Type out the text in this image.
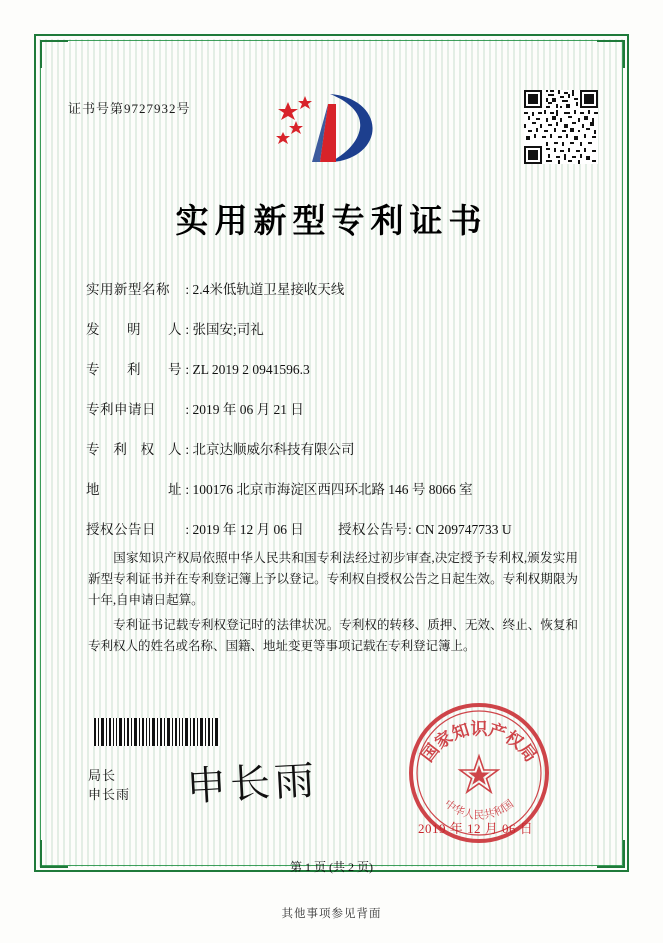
证书号第9727932号
实用新型专利证书
实用新型名称 : 2.4米低轨道卫星接收天线
发明人 : 张国安;司礼
专利号 : ZL 2019 2 0941596.3
专利申请日 : 2019 年 06 月 21 日
专利权人 : 北京达顺威尔科技有限公司
地址 : 100176 北京市海淀区西四环北路 146 号 8066 室
授权公告日 : 2019 年 12 月 06 日	授权公告号: CN 209747733 U
国家知识产权局依照中华人民共和国专利法经过初步审查,决定授予专利权,颁发实用新型专利证书并在专利登记簿上予以登记。专利权自授权公告之日起生效。专利权期限为十年,自申请日起算。
专利证书记载专利权登记时的法律状况。专利权的转移、质押、无效、终止、恢复和专利权人的姓名或名称、国籍、地址变更等事项记载在专利登记簿上。
局长
申长雨 申长雨
国家知识产权局
中华人民共和国
2019 年 12 月 06 日
第 1 页 (共 2 页)
其他事项参见背面
